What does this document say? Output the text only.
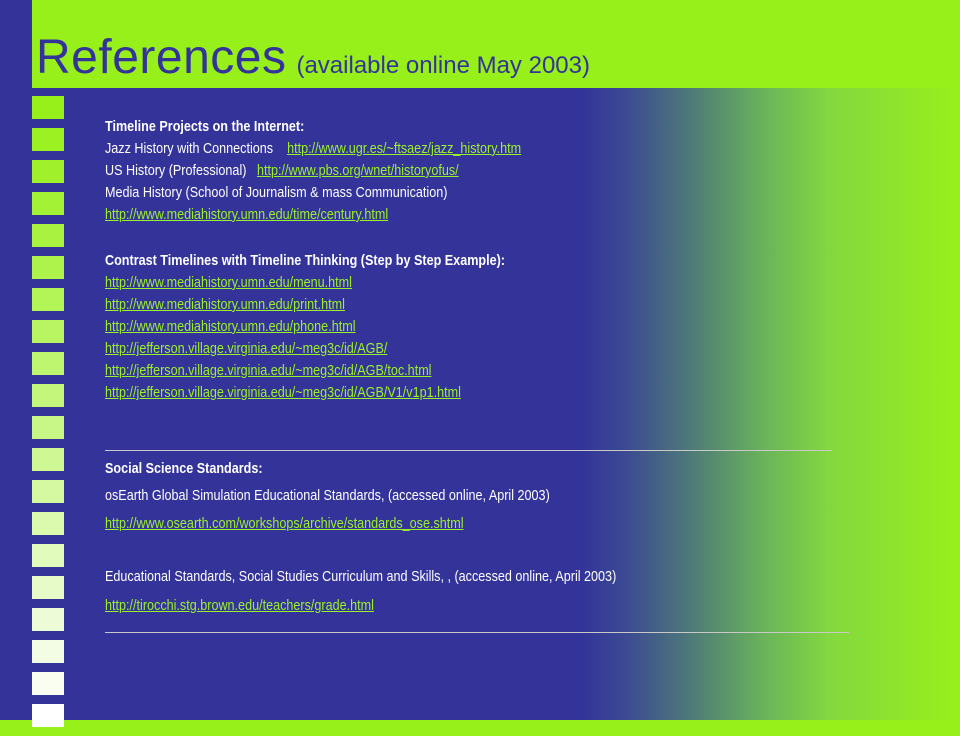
References (available online May 2003)
Timeline Projects on the Internet:
Jazz History with Connections http://www.ugr.es/~ftsaez/jazz_history.htm
US History (Professional) http://www.pbs.org/wnet/historyofus/
Media History (School of Journalism & mass Communication)
http://www.mediahistory.umn.edu/time/century.html
Contrast Timelines with Timeline Thinking (Step by Step Example):
http://www.mediahistory.umn.edu/menu.html
http://www.mediahistory.umn.edu/print.html
http://www.mediahistory.umn.edu/phone.html
http://jefferson.village.virginia.edu/~meg3c/id/AGB/
http://jefferson.village.virginia.edu/~meg3c/id/AGB/toc.html
http://jefferson.village.virginia.edu/~meg3c/id/AGB/V1/v1p1.html
Social Science Standards:
osEarth Global Simulation Educational Standards, (accessed online, April 2003)
http://www.osearth.com/workshops/archive/standards_ose.shtml
Educational Standards, Social Studies Curriculum and Skills, , (accessed online, April 2003)
http://tirocchi.stg.brown.edu/teachers/grade.html
